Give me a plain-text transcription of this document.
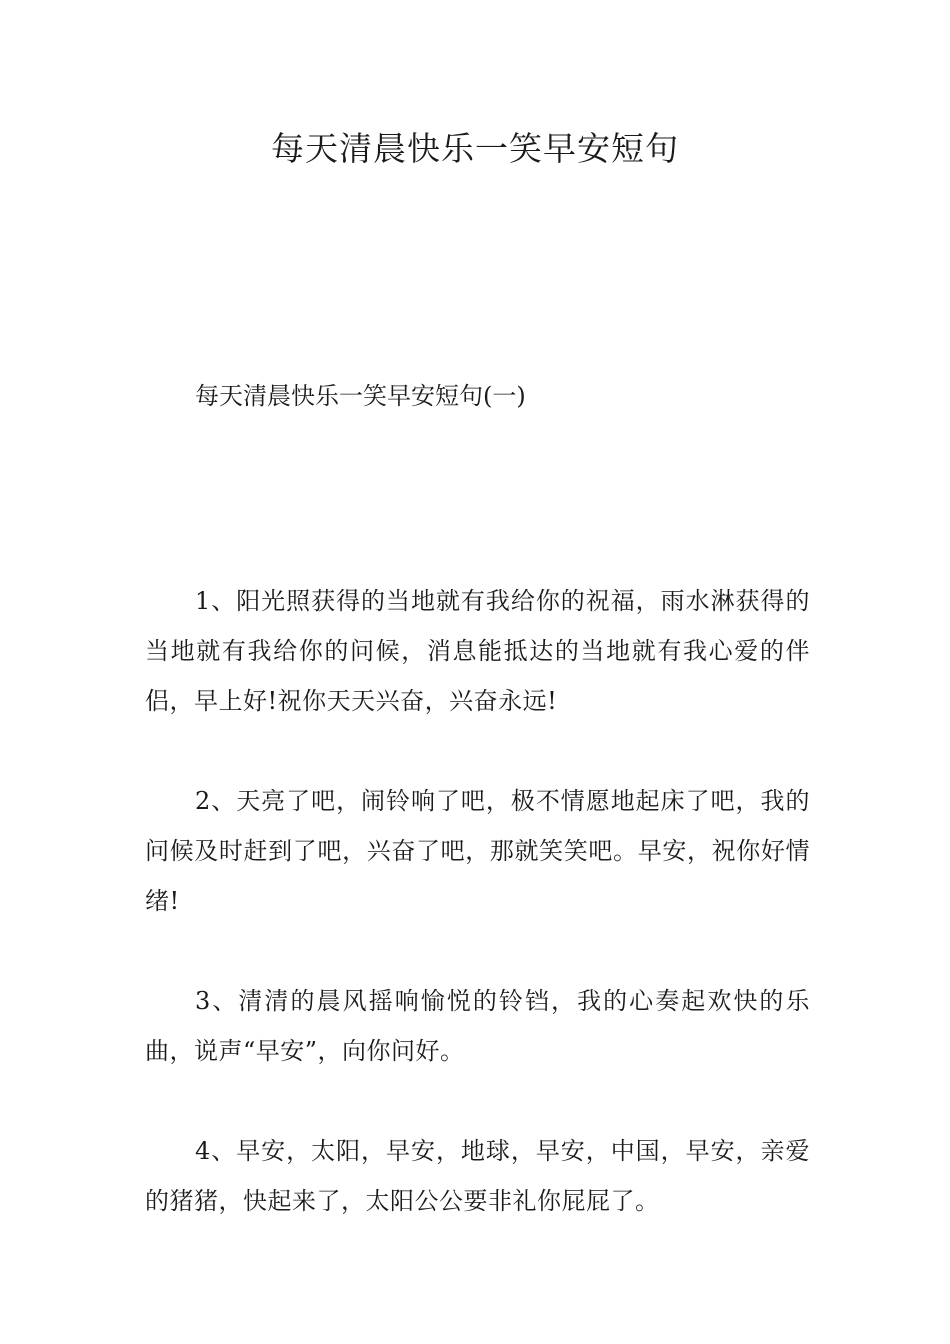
每天清晨快乐一笑早安短句

每天清晨快乐一笑早安短句(一)

1、阳光照获得的当地就有我给你的祝福，雨水淋获得的当地就有我给你的问候，消息能抵达的当地就有我心爱的伴侣，早上好!祝你天天兴奋，兴奋永远!

2、天亮了吧，闹铃响了吧，极不情愿地起床了吧，我的问候及时赶到了吧，兴奋了吧，那就笑笑吧。早安，祝你好情绪!

3、清清的晨风摇响愉悦的铃铛，我的心奏起欢快的乐曲，说声“早安”，向你问好。

4、早安，太阳，早安，地球，早安，中国，早安，亲爱的猪猪，快起来了，太阳公公要非礼你屁屁了。
